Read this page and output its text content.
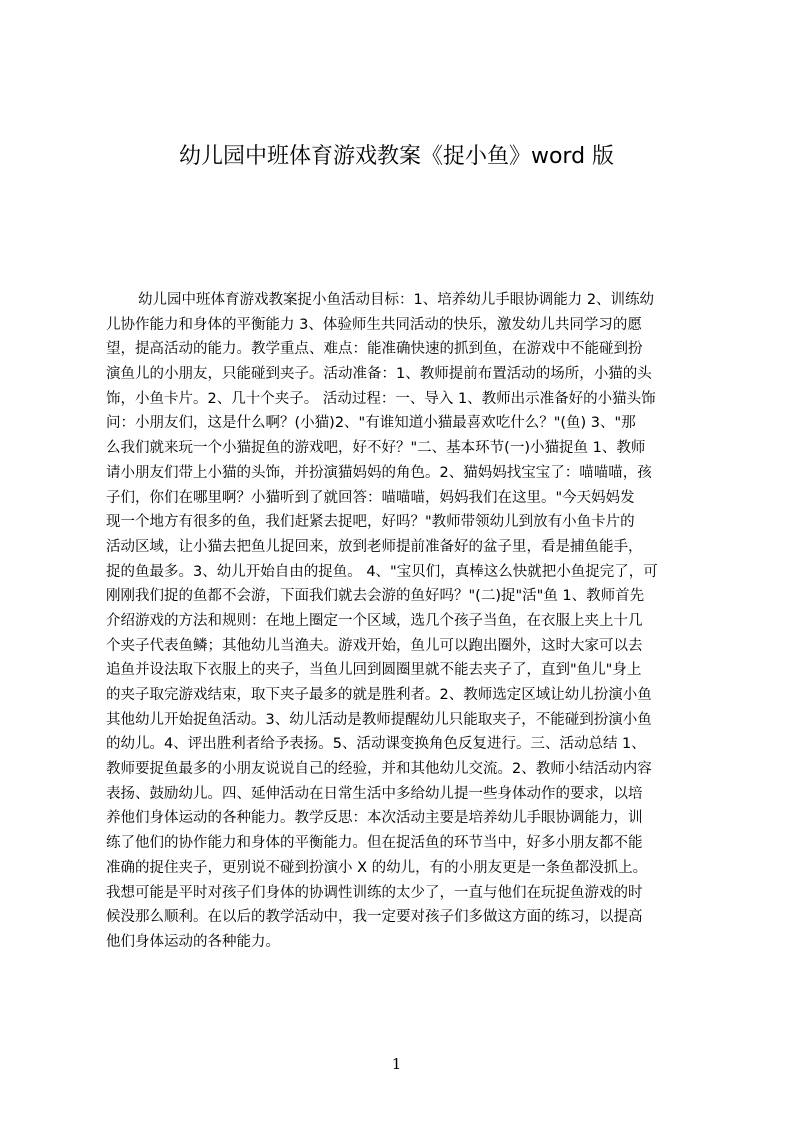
幼儿园中班体育游戏教案《捉小鱼》word 版
幼儿园中班体育游戏教案捉小鱼活动目标：1、培养幼儿手眼协调能力 2、训练幼
儿协作能力和身体的平衡能力 3、体验师生共同活动的快乐，激发幼儿共同学习的愿
望，提高活动的能力。教学重点、难点：能准确快速的抓到鱼，在游戏中不能碰到扮
演鱼儿的小朋友，只能碰到夹子。活动准备：1、教师提前布置活动的场所，小猫的头
饰，小鱼卡片。2、几十个夹子。 活动过程：一、导入 1、教师出示准备好的小猫头饰
问：小朋友们，这是什么啊？(小猫)2、"有谁知道小猫最喜欢吃什么？"(鱼) 3、"那
么我们就来玩一个小猫捉鱼的游戏吧，好不好？"二、基本环节(一)小猫捉鱼 1、教师
请小朋友们带上小猫的头饰，并扮演猫妈妈的角色。2、猫妈妈找宝宝了：喵喵喵，孩
子们，你们在哪里啊？小猫听到了就回答：喵喵喵，妈妈我们在这里。"今天妈妈发
现一个地方有很多的鱼，我们赶紧去捉吧，好吗？"教师带领幼儿到放有小鱼卡片的
活动区域，让小猫去把鱼儿捉回来，放到老师提前准备好的盆子里，看是捕鱼能手，
捉的鱼最多。3、幼儿开始自由的捉鱼。 4、"宝贝们，真棒这么快就把小鱼捉完了，可
刚刚我们捉的鱼都不会游，下面我们就去会游的鱼好吗？"(二)捉"活"鱼 1、教师首先
介绍游戏的方法和规则：在地上圈定一个区域，选几个孩子当鱼，在衣服上夹上十几
个夹子代表鱼鳞；其他幼儿当渔夫。游戏开始，鱼儿可以跑出圈外，这时大家可以去
追鱼并设法取下衣服上的夹子，当鱼儿回到圆圈里就不能去夹子了，直到"鱼儿"身上
的夹子取完游戏结束，取下夹子最多的就是胜利者。2、教师选定区域让幼儿扮演小鱼
其他幼儿开始捉鱼活动。3、幼儿活动是教师提醒幼儿只能取夹子，不能碰到扮演小鱼
的幼儿。4、评出胜利者给予表扬。5、活动课变换角色反复进行。三、活动总结 1、
教师要捉鱼最多的小朋友说说自己的经验，并和其他幼儿交流。2、教师小结活动内容
表扬、鼓励幼儿。四、延伸活动在日常生活中多给幼儿提一些身体动作的要求，以培
养他们身体运动的各种能力。教学反思：本次活动主要是培养幼儿手眼协调能力，训
练了他们的协作能力和身体的平衡能力。但在捉活鱼的环节当中，好多小朋友都不能
准确的捉住夹子，更别说不碰到扮演小 X 的幼儿，有的小朋友更是一条鱼都没抓上。
我想可能是平时对孩子们身体的协调性训练的太少了，一直与他们在玩捉鱼游戏的时
候没那么顺利。在以后的教学活动中，我一定要对孩子们多做这方面的练习，以提高
他们身体运动的各种能力。
1
